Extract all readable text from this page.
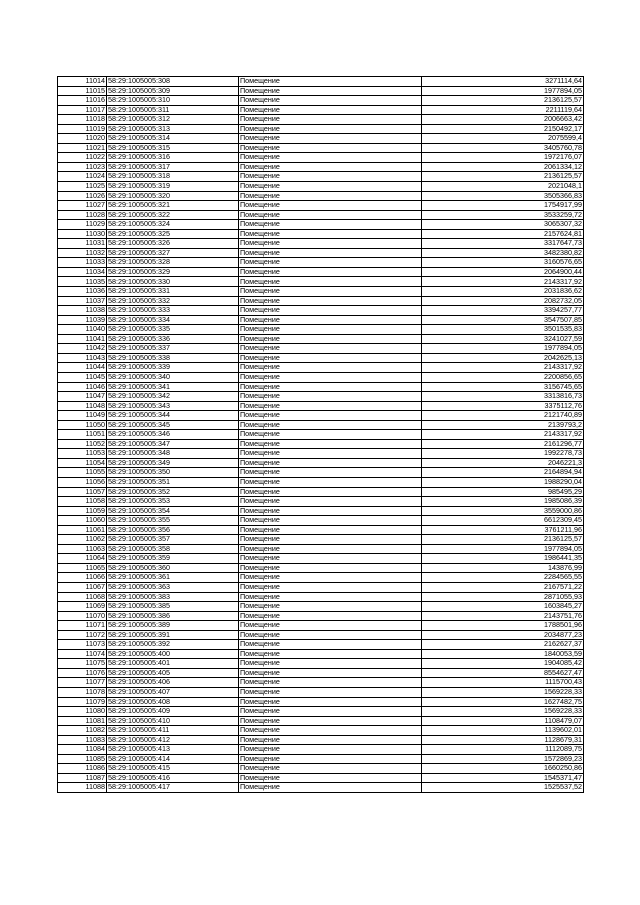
11014	58:29:1005005:308	Помещение	3271114,64
11015	58:29:1005005:309	Помещение	1977894,05
11016	58:29:1005005:310	Помещение	2136125,57
11017	58:29:1005005:311	Помещение	2211119,64
11018	58:29:1005005:312	Помещение	2006663,42
11019	58:29:1005005:313	Помещение	2150492,17
11020	58:29:1005005:314	Помещение	2075599,4
11021	58:29:1005005:315	Помещение	3405760,78
11022	58:29:1005005:316	Помещение	1972176,07
11023	58:29:1005005:317	Помещение	2061334,12
11024	58:29:1005005:318	Помещение	2136125,57
11025	58:29:1005005:319	Помещение	2021048,1
11026	58:29:1005005:320	Помещение	3505366,83
11027	58:29:1005005:321	Помещение	1754917,99
11028	58:29:1005005:322	Помещение	3533259,72
11029	58:29:1005005:324	Помещение	3065307,32
11030	58:29:1005005:325	Помещение	2157624,81
11031	58:29:1005005:326	Помещение	3317647,73
11032	58:29:1005005:327	Помещение	3482380,82
11033	58:29:1005005:328	Помещение	3160576,65
11034	58:29:1005005:329	Помещение	2064900,44
11035	58:29:1005005:330	Помещение	2143317,92
11036	58:29:1005005:331	Помещение	2031836,62
11037	58:29:1005005:332	Помещение	2082732,05
11038	58:29:1005005:333	Помещение	3394257,77
11039	58:29:1005005:334	Помещение	3547507,85
11040	58:29:1005005:335	Помещение	3501535,83
11041	58:29:1005005:336	Помещение	3241027,59
11042	58:29:1005005:337	Помещение	1977894,05
11043	58:29:1005005:338	Помещение	2042625,13
11044	58:29:1005005:339	Помещение	2143317,92
11045	58:29:1005005:340	Помещение	2200856,65
11046	58:29:1005005:341	Помещение	3156745,65
11047	58:29:1005005:342	Помещение	3313816,73
11048	58:29:1005005:343	Помещение	3375112,76
11049	58:29:1005005:344	Помещение	2121740,89
11050	58:29:1005005:345	Помещение	2139793,2
11051	58:29:1005005:346	Помещение	2143317,92
11052	58:29:1005005:347	Помещение	2161296,77
11053	58:29:1005005:348	Помещение	1992278,73
11054	58:29:1005005:349	Помещение	2046221,3
11055	58:29:1005005:350	Помещение	2164894,94
11056	58:29:1005005:351	Помещение	1988290,04
11057	58:29:1005005:352	Помещение	985495,29
11058	58:29:1005005:353	Помещение	1985086,39
11059	58:29:1005005:354	Помещение	3559000,86
11060	58:29:1005005:355	Помещение	6612309,45
11061	58:29:1005005:356	Помещение	3761211,96
11062	58:29:1005005:357	Помещение	2136125,57
11063	58:29:1005005:358	Помещение	1977894,05
11064	58:29:1005005:359	Помещение	1986441,35
11065	58:29:1005005:360	Помещение	143876,99
11066	58:29:1005005:361	Помещение	2284565,55
11067	58:29:1005005:363	Помещение	2167571,22
11068	58:29:1005005:383	Помещение	2871055,93
11069	58:29:1005005:385	Помещение	1603845,27
11070	58:29:1005005:386	Помещение	2143751,76
11071	58:29:1005005:389	Помещение	1788501,96
11072	58:29:1005005:391	Помещение	2034877,23
11073	58:29:1005005:392	Помещение	2162627,37
11074	58:29:1005005:400	Помещение	1840053,59
11075	58:29:1005005:401	Помещение	1904085,42
11076	58:29:1005005:405	Помещение	8554627,47
11077	58:29:1005005:406	Помещение	1115700,43
11078	58:29:1005005:407	Помещение	1569228,33
11079	58:29:1005005:408	Помещение	1627482,75
11080	58:29:1005005:409	Помещение	1569228,33
11081	58:29:1005005:410	Помещение	1108479,07
11082	58:29:1005005:411	Помещение	1139602,01
11083	58:29:1005005:412	Помещение	1128679,31
11084	58:29:1005005:413	Помещение	1112089,75
11085	58:29:1005005:414	Помещение	1572869,23
11086	58:29:1005005:415	Помещение	1660250,86
11087	58:29:1005005:416	Помещение	1545371,47
11088	58:29:1005005:417	Помещение	1525537,52
